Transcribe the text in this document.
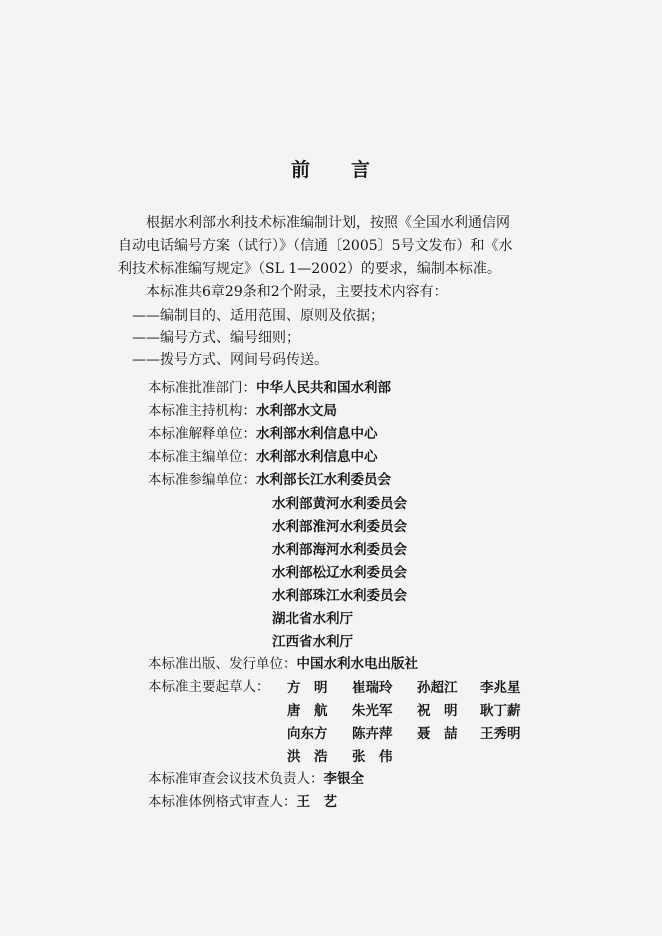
前 言

根据水利部水利技术标准编制计划，按照《全国水利通信网

自动电话编号方案（试行）》（信通〔2005〕5号文发布）和《水

利技术标准编写规定》（SL 1—2002）的要求，编制本标准。

本标准共6章29条和2个附录，主要技术内容有：

——编制目的、适用范围、原则及依据；
——编号方式、编号细则；
——拨号方式、网间号码传送。
本标准批准部门：中华人民共和国水利部
本标准主持机构：水利部水文局
本标准解释单位：水利部水利信息中心
本标准主编单位：水利部水利信息中心
本标准参编单位：水利部长江水利委员会
水利部黄河水利委员会
水利部淮河水利委员会
水利部海河水利委员会
水利部松辽水利委员会
水利部珠江水利委员会
湖北省水利厅
江西省水利厅
本标准出版、发行单位：中国水利水电出版社
本标准主要起草人： 方　明 崔瑞玲 孙超江 李兆星
唐　航 朱光军 祝　明 耿丁薪
向东方 陈卉萍 聂　喆 王秀明
洪　浩 张　伟
本标准审查会议技术负责人：李银全
本标准体例格式审查人：王　艺
